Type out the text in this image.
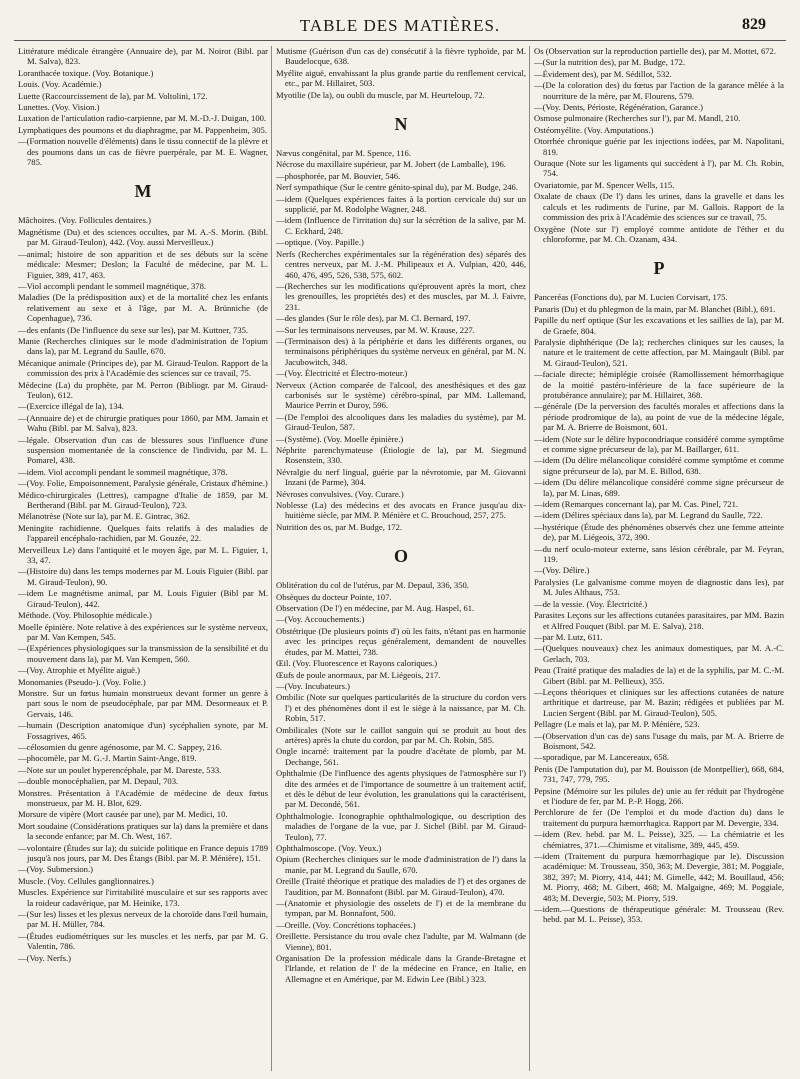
TABLE DES MATIÈRES.	829
Littérature médicale étrangère (Annuaire de), par M. Noirot (Bibl. par M. Salva), 823.
Loranthacée toxique. (Voy. Botanique.)
Louis. (Voy. Académie.)
Luette (Raccourcissement de la), par M. Voltolini, 172.
Lunettes. (Voy. Vision.)
Luxation de l'articulation radio-carpienne, par M. M.-D.-J. Duigan, 100.
Lymphatiques des poumons et du diaphragme, par M. Pappenheim, 305.
—(Formation nouvelle d'éléments) dans le tissu connectif de la plèvre et des poumons dans un cas de fièvre puerpérale, par M. E. Wagner, 785.
M
Mâchoires. (Voy. Follicules dentaires.)
Magnétisme (Du) et des sciences occultes, par M. A.-S. Morin. (Bibl. par M. Giraud-Teulon), 442. (Voy. aussi Merveilleux.)
—animal; histoire de son apparition et de ses débuts sur la scène médicale: Mesmer; Deslon; la Faculté de médecine, par M. L. Figuier, 389, 417, 463.
—Viol accompli pendant le sommeil magnétique, 378.
Maladies (De la prédisposition aux) et de la mortalité chez les enfants relativement au sexe et à l'âge, par M. A. Brünniche (de Copenhague), 736.
—des enfants (De l'influence du sexe sur les), par M. Kuttner, 735.
Manie (Recherches cliniques sur le mode d'administration de l'opium dans la), par M. Legrand du Saulle, 670.
Mécanique animale (Principes de), par M. Giraud-Teulon. Rapport de la commission des prix à l'Académie des sciences sur ce travail, 75.
Médecine (La) du prophète, par M. Perron (Bibliogr. par M. Giraud-Teulon), 612.
—(Exercice illégal de la), 134.
—(Annuaire de) et de chirurgie pratiques pour 1860, par MM. Jamain et Wahu (Bibl. par M. Salva), 823.
—légale. Observation d'un cas de blessures sous l'influence d'une suspension momentanée de la conscience de l'individu, par M. L. Pomarel, 438.
—idem. Viol accompli pendant le sommeil magnétique, 378.
—(Voy. Folie, Empoisonnement, Paralysie générale, Cristaux d'hémine.)
Médico-chirurgicales (Lettres), campagne d'Italie de 1859, par M. Bertherand (Bibl. par M. Giraud-Teulon), 723.
Mélanotrèse (Note sur la), par M. E. Gintrac, 362.
Meningite rachidienne. Quelques faits relatifs à des maladies de l'appareil encéphalo-rachidien, par M. Gouzée, 22.
Merveilleux Le) dans l'antiquité et le moyen âge, par M. L. Figuier, 1, 33, 47.
—(Histoire du) dans les temps modernes par M. Louis Figuier (Bibl. par M. Giraud-Teulon), 90.
—idem Le magnétisme animal, par M. Louis Figuier (Bibl par M. Giraud-Teulon), 442.
Méthode. (Voy. Philosophie médicale.)
Moelle épinière. Note relative à des expériences sur le système nerveux, par M. Van Kempen, 545.
—(Expériences physiologiques sur la transmission de la sensibilité et du mouvement dans la), par M. Van Kempen, 560.
—(Voy. Atrophie et Myélite aiguë.)
Monomanies (Pseudo-). (Voy. Folie.)
Monstre. Sur un fœtus humain monstrueux devant former un genre à part sous le nom de pseudocéphale, par par MM. Desormeaux et P. Gervais, 146.
—humain (Description anatomique d'un) sycéphalien synote, par M. Fossagrives, 465.
—célosomien du genre agénosome, par M. C. Sappey, 216.
—phocomèle, par M. G.-J. Martin Saint-Ange, 819.
—Note sur un poulet hyperencéphale, par M. Dareste, 533.
—double monocéphalien, par M. Depaul, 703.
Monstres. Présentation à l'Académie de médecine de deux fœtus monstrueux, par M. H. Blot, 629.
Morsure de vipère (Mort causée par une), par M. Medici, 10.
Mort soudaine (Considérations pratiques sur la) dans la première et dans la seconde enfance; par M. Ch. West, 167.
—volontaire (Études sur la); du suicide politique en France depuis 1789 jusqu'à nos jours, par M. Des Étangs (Bibl. par M. P. Ménière), 151.
—(Voy. Submersion.)
Muscle. (Voy. Cellules ganglionnaires.)
Muscles. Expérience sur l'irritabilité musculaire et sur ses rapports avec la roideur cadavérique, par M. Heinike, 173.
—(Sur les) lisses et les plexus nerveux de la choroïde dans l'œil humain, par M. H. Müller, 784.
—(Études eudiométriques sur les muscles et les nerfs, par par M. G. Valentin, 786.
—(Voy. Nerfs.)
Mutisme (Guérison d'un cas de) consécutif à la fièvre typhoïde, par M. Baudelocque, 638.
Myélite aiguë, envahissant la plus grande partie du renflement cervical, etc., par M. Hillairet, 503.
Myotilie (De la), ou oubli du muscle, par M. Heurteloup, 72.
N
Nævus congénital, par M. Spence, 116.
Nécrose du maxillaire supérieur, par M. Jobert (de Lamballe), 196.
—phosphorée, par M. Bouvier, 546.
Nerf sympathique (Sur le centre génito-spinal du), par M. Budge, 246.
—idem (Quelques expériences faites à la portion cervicale du) sur un supplicié, par M. Rodolphe Wagner, 248.
—idem (Influence de l'irritation du) sur la sécrétion de la salive, par M. C. Eckhard, 248.
—optique. (Voy. Papille.)
Nerfs (Recherches expérimentales sur la régénération des) séparés des centres nerveux, par M. J.-M. Philipeaux et A. Vulpian, 420, 446, 460, 476, 495, 526, 538, 575, 602.
—(Recherches sur les modifications qu'éprouvent après la mort, chez les grenouilles, les propriétés des) et des muscles, par M. J. Faivre, 231.
—des glandes (Sur le rôle des), par M. Cl. Bernard, 197.
—Sur les terminaisons nerveuses, par M. W. Krause, 227.
—(Terminaison des) à la périphérie et dans les différents organes, ou terminaisons périphériques du système nerveux en général, par M. N. Jacubowitch, 348.
—(Voy. Électricité et Électro-moteur.)
Nerveux (Action comparée de l'alcool, des anesthésiques et des gaz carbonisés sur le système) cérébro-spinal, par MM. Lallemand, Maurice Perrin et Duroy, 596.
—(De l'emploi des alcooliques dans les maladies du système), par M. Giraud-Teulon, 587.
—(Système). (Voy. Moelle épinière.)
Néphrite parenchymateuse (Étiologie de la), par M. Siegmund Rosenstein, 330.
Névralgie du nerf lingual, guérie par la névrotomie, par M. Giovanni Inzani (de Parme), 304.
Névroses convulsives. (Voy. Curare.)
Noblesse (La) des médecins et des avocats en France jusqu'au dix-huitième siècle, par MM. P. Ménière et C. Brouchoud, 257, 275.
Nutrition des os, par M. Budge, 172.
O
Oblitération du col de l'utérus, par M. Depaul, 336, 350.
Obsèques du docteur Pointe, 107.
Observation (De l') en médecine, par M. Aug. Haspel, 61.
—(Voy. Accouchements.)
Obstétrique (De plusieurs points d') où les faits, n'étant pas en harmonie avec les principes reçus généralement, demandent de nouvelles études, par M. Mattei, 738.
Œil. (Voy. Fluorescence et Rayons caloriques.)
Œufs de poule anormaux, par M. Liégeois, 217.
—(Voy. Incubateurs.)
Ombilic (Note sur quelques particularités de la structure du cordon vers l') et des phénomènes dont il est le siège à la naissance, par M. Ch. Robin, 517.
Ombilicales (Note sur le caillot sanguin qui se produit au bout des artères) après la chute du cordon, par par M. Ch. Robin, 585.
Ongle incarné: traitement par la poudre d'acétate de plomb, par M. Dechange, 561.
Ophthalmie (De l'influence des agents physiques de l'atmosphère sur l') dite des armées et de l'importance de soumettre à un traitement actif, et dès le début de leur évolution, les granulations qui la caractérisent, par M. Decondé, 561.
Ophthalmologie. Iconographie ophthalmologique, ou description des maladies de l'organe de la vue, par J. Sichel (Bibl. par M. Giraud-Teulon), 77.
Ophthalmoscope. (Voy. Yeux.)
Opium (Recherches cliniques sur le mode d'administration de l') dans la manie, par M. Legrand du Saulle, 670.
Oreille (Traité théorique et pratique des maladies de l') et des organes de l'audition, par M. Bonnafont (Bibl. par M. Giraud-Teulon), 470.
—(Anatomie et physiologie des osselets de l') et de la membrane du tympan, par M. Bonnafont, 500.
—Oreille. (Voy. Concrétions tophacées.)
Oreillette. Persistance du trou ovale chez l'adulte, par M. Walmann (de Vienne), 801.
Organisation De la profession médicale dans la Grande-Bretagne et l'Irlande, et relation de l' de la médecine en France, en Italie, en Allemagne et en Amérique, par M. Edwin Lee (Bibl.) 323.
Os (Observation sur la reproduction partielle des), par M. Mottet, 672.
—(Sur la nutrition des), par M. Budge, 172.
—Évidement des), par M. Sédillot, 532.
—(De la coloration des) du fœtus par l'action de la garance mêlée à la nourriture de la mère, par M. Flourens, 579.
—(Voy. Dents, Périoste, Régénération, Garance.)
Osmose pulmonaire (Recherches sur l'), par M. Mandl, 210.
Ostéomyélite. (Voy. Amputations.)
Otorrhée chronique guérie par les injections iodées, par M. Napolitani, 819.
Ouraque (Note sur les ligaments qui succèdent à l'), par M. Ch. Robin, 754.
Ovariatomie, par M. Spencer Wells, 115.
Oxalate de chaux (De l') dans les urines, dans la gravelle et dans les calculs et les rudiments de l'urine, par M. Gallois. Rapport de la commission des prix à l'Académie des sciences sur ce travail, 75.
Oxygène (Note sur l') employé comme antidote de l'éther et du chloroforme, par M. Ch. Ozanam, 434.
P
Panceréas (Fonctions du), par M. Lucien Corvisart, 175.
Panaris (Du) et du phlegmon de la main, par M. Blanchet (Bibl.), 691.
Papille du nerf optique (Sur les excavations et les saillies de la), par M. de Graefe, 804.
Paralysie diphthérique (De la); recherches cliniques sur les causes, la nature et le traitement de cette affection, par M. Maingault (Bibl. par M. Giraud-Teulon), 521.
—faciale directe; hémiplégie croisée (Ramollissement hémorrhagique de la moitié pastéro-inférieure de la face supérieure de la protubérance annulaire); par M. Hillairet, 368.
—générale (De la perversion des facultés morales et affections dans la période prodromique de la), au point de vue de la médecine légale, par M. A. Brierre de Boismont, 601.
—idem (Note sur le délire hypocondriaque considéré comme symptôme et comme signe précurseur de la), par M. Baillarger, 611.
—idem (Du délire mélancolique considéré comme symptôme et comme signe précurseur de la), par M. E. Billod, 638.
—idem (Du délire mélancolique considéré comme signe précurseur de la), par M. Linas, 689.
—idem (Remarques concernant la), par M. Cas. Pinel, 721.
—idem (Délires spéciaux dans la), par M. Legrand du Saulle, 722.
—hystérique (Étude des phénomènes observés chez une femme atteinte de), par M. Liégeois, 372, 390.
—du nerf oculo-moteur externe, sans lésion cérébrale, par M. Feyran, 119.
—(Voy. Délire.)
Paralysies (Le galvanisme comme moyen de diagnostic dans les), par M. Jules Althaus, 753.
—de la vessie. (Voy. Électricité.)
Parasites Leçons sur les affections cutanées parasitaires, par MM. Bazin et Alfred Fouquet (Bibl. par M. E. Salva), 218.
—par M. Lutz, 611.
—(Quelques nouveaux) chez les animaux domestiques, par M. A.-C. Gerlach, 703.
Peau (Traité pratique des maladies de la) et de la syphilis, par M. C.-M. Gibert (Bibl. par M. Pellieux), 355.
—Leçons théoriques et cliniques sur les affections cutanées de nature arthritique et dartreuse, par M. Bazin; rédigées et publiées par M. Lucien Sergent (Bibl. par M. Giraud-Teulon), 505.
Pellagre (Le maïs et la), par M. P. Ménière, 523.
—(Observation d'un cas de) sans l'usage du maïs, par M. A. Brierre de Boismont, 542.
—sporadique, par M. Lancereaux, 658.
Penis (De l'amputation du), par M. Bouisson (de Montpellier), 668, 684, 731, 747, 779, 795.
Pepsine (Mémoire sur les pilules de) unie au fer réduit par l'hydrogène et l'iodure de fer, par M. P.-P. Hogg, 266.
Perchlorure de fer (De l'emploi et du mode d'action du) dans le traitement du purpura hæmorrhagica. Rapport par M. Devergie, 334.
—idem (Rev. hebd. par M. L. Peisse), 325. — La chémiatrie et les chémiatres, 371.—Chimisme et vitalisme, 389, 445, 459.
—idem (Traitement du purpura hæmorrhagique par le). Discussion académique: M. Trousseau, 350, 363; M. Devergie, 381; M. Poggiale, 382, 397; M. Piorry, 414, 441; M. Gimelle, 442; M. Bouillaud, 456; M. Piorry, 468; M. Gibert, 468; M. Malgaigne, 469; M. Poggiale, 483; M. Devergie, 503; M. Piorry, 519.
—idem.—Questions de thérapeutique générale: M. Trousseau (Rev. hebd. par M. L. Peisse), 353.
